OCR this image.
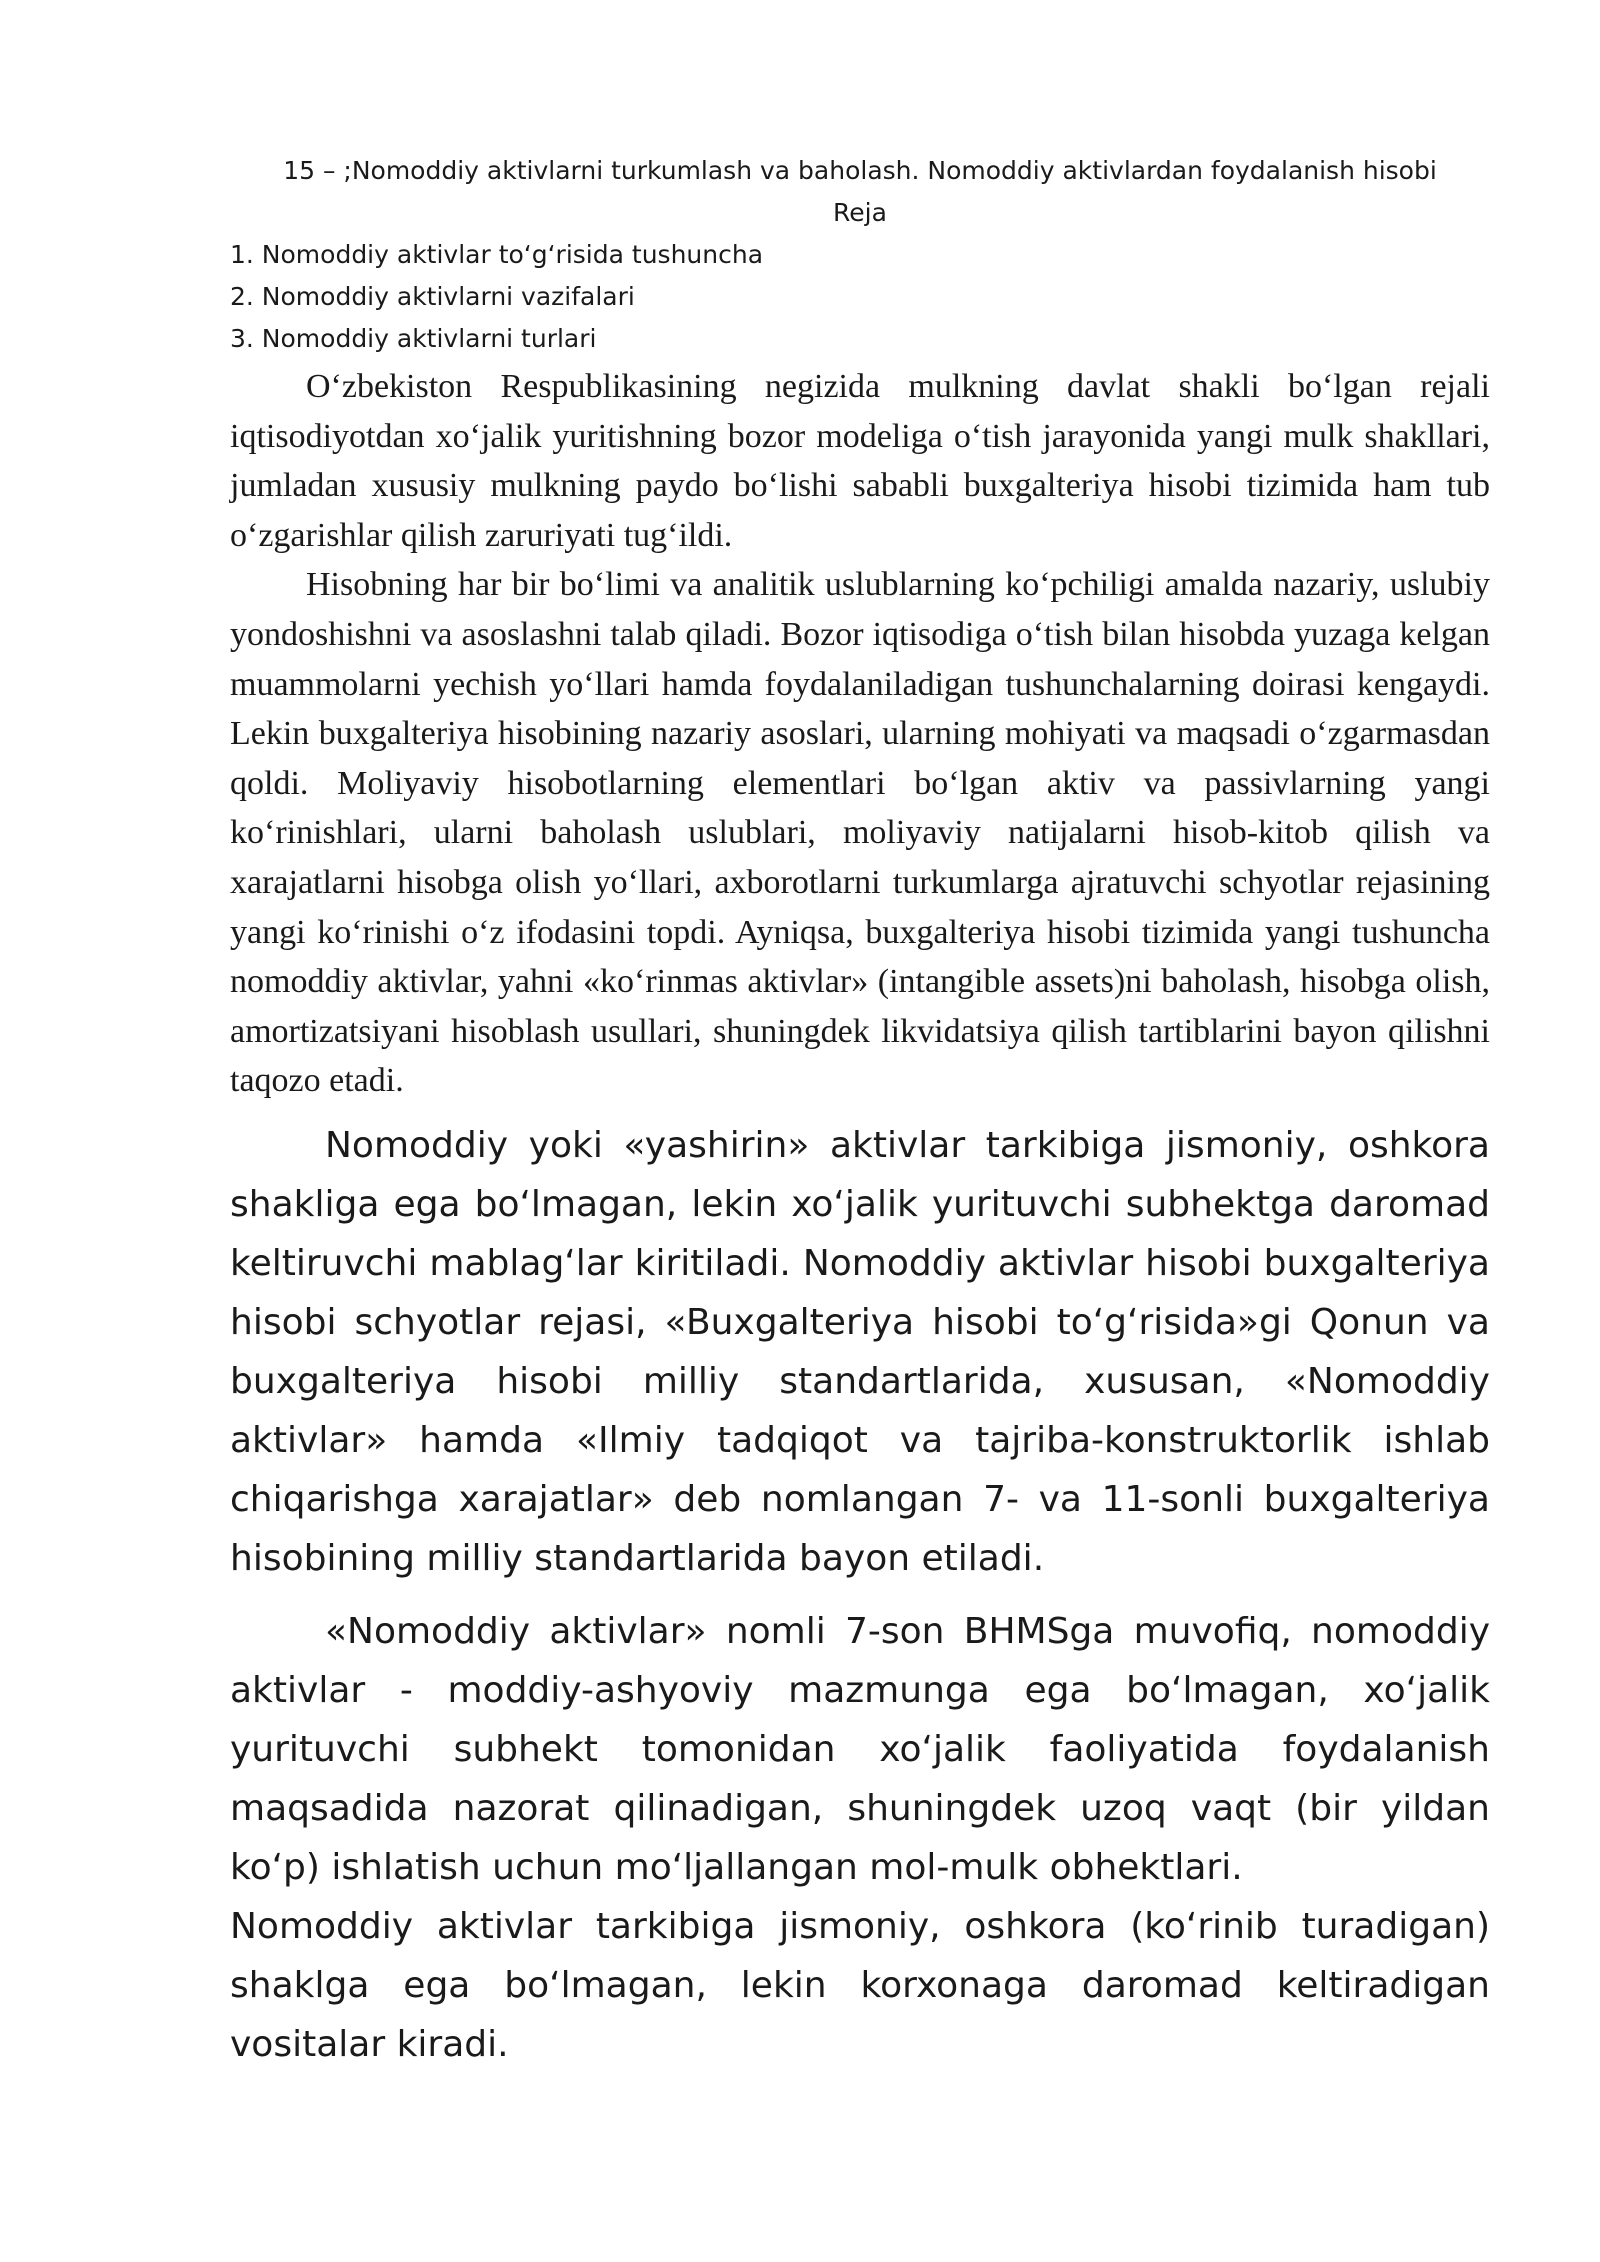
15 – ;Nomoddiy aktivlarni turkumlash va baholash. Nomoddiy aktivlardan foydalanish hisobi
Reja
1. Nomoddiy aktivlar toʻgʻrisida tushuncha
2. Nomoddiy aktivlarni vazifalari
3. Nomoddiy aktivlarni turlari

Oʻzbekiston Respublikasining negizida mulkning davlat shakli boʻlgan rejali iqtisodiyotdan xoʻjalik yuritishning bozor modeliga oʻtish jarayonida yangi mulk shakllari, jumladan xususiy mulkning paydo boʻlishi sababli buxgalteriya hisobi tizimida ham tub oʻzgarishlar qilish zaruriyati tugʻildi.

Hisobning har bir boʻlimi va analitik uslublarning koʻpchiligi amalda nazariy, uslubiy yondoshishni va asoslashni talab qiladi. Bozor iqtisodiga oʻtish bilan hisobda yuzaga kelgan muammolarni yechish yoʻllari hamda foydalaniladigan tushunchalarning doirasi kengaydi. Lekin buxgalteriya hisobining nazariy asoslari, ularning mohiyati va maqsadi oʻzgarmasdan qoldi. Moliyaviy hisobotlarning elementlari boʻlgan aktiv va passivlarning yangi koʻrinishlari, ularni baholash uslublari, moliyaviy natijalarni hisob-kitob qilish va xarajatlarni hisobga olish yoʻllari, axborotlarni turkumlarga ajratuvchi schyotlar rejasining yangi koʻrinishi oʻz ifodasini topdi. Ayniqsa, buxgalteriya hisobi tizimida yangi tushuncha nomoddiy aktivlar, yahni «koʻrinmas aktivlar» (intangible assets)ni baholash, hisobga olish, amortizatsiyani hisoblash usullari, shuningdek likvidatsiya qilish tartiblarini bayon qilishni taqozo etadi.

Nomoddiy yoki «yashirin» aktivlar tarkibiga jismoniy, oshkora shakliga ega boʻlmagan, lekin xoʻjalik yurituvchi subhektga daromad keltiruvchi mablagʻlar kiritiladi. Nomoddiy aktivlar hisobi buxgalteriya hisobi schyotlar rejasi, «Buxgalteriya hisobi toʻgʻrisida»gi Qonun va buxgalteriya hisobi milliy standartlarida, xususan, «Nomoddiy aktivlar» hamda «Ilmiy tadqiqot va tajriba-konstruktorlik ishlab chiqarishga xarajatlar» deb nomlangan 7- va 11-sonli buxgalteriya hisobining milliy standartlarida bayon etiladi.

«Nomoddiy aktivlar» nomli 7-son BHMSga muvofiq, nomoddiy aktivlar - moddiy-ashyoviy mazmunga ega boʻlmagan, xoʻjalik yurituvchi subhekt tomonidan xoʻjalik faoliyatida foydalanish maqsadida nazorat qilinadigan, shuningdek uzoq vaqt (bir yildan koʻp) ishlatish uchun moʻljallangan mol-mulk obhektlari.

Nomoddiy aktivlar tarkibiga jismoniy, oshkora (koʻrinib turadigan) shaklga ega boʻlmagan, lekin korxonaga daromad keltiradigan vositalar kiradi.
